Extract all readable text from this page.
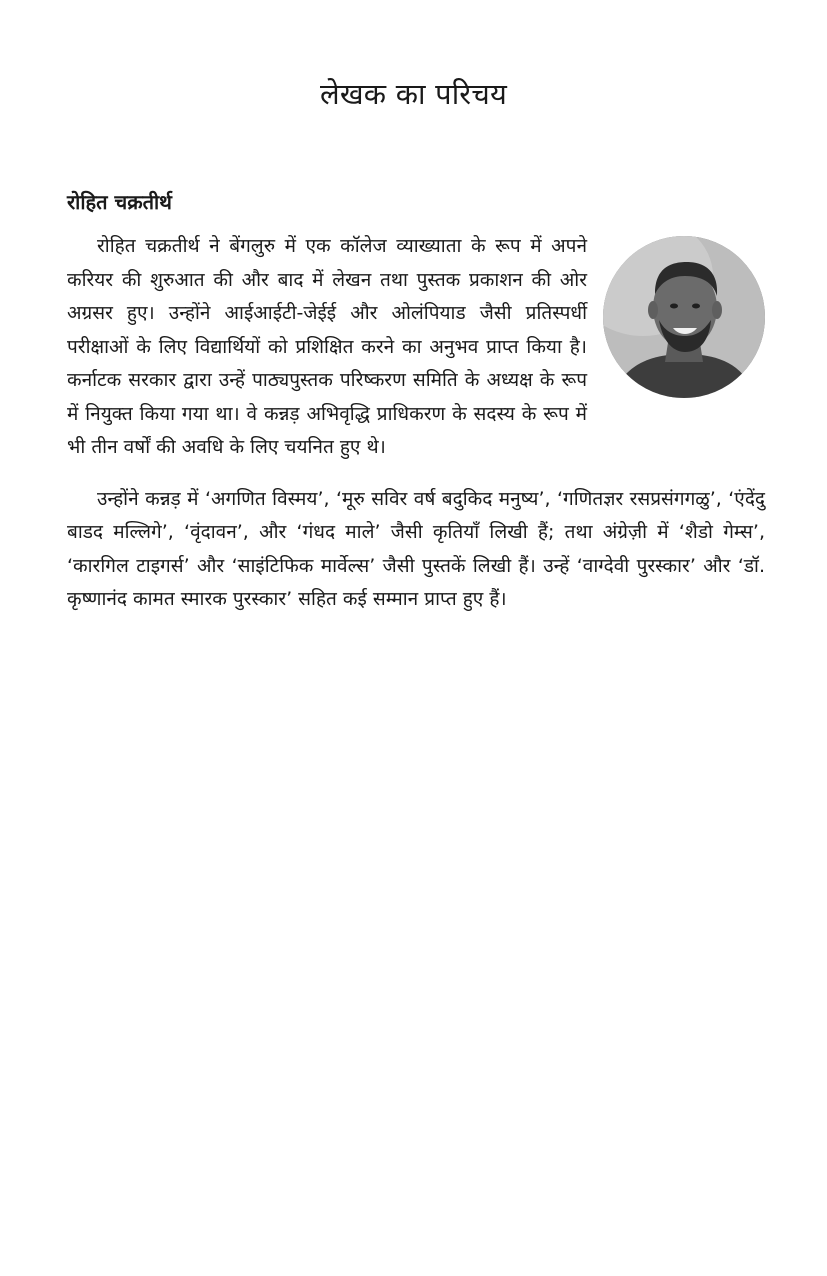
लेखक का परिचय
रोहित चक्रतीर्थ

रोहित चक्रतीर्थ ने बेंगलुरु में एक कॉलेज व्याख्याता के रूप में अपने करियर की शुरुआत की और बाद में लेखन तथा पुस्तक प्रकाशन की ओर अग्रसर हुए। उन्होंने आईआईटी-जेईई और ओलंपियाड जैसी प्रतिस्पर्धी परीक्षाओं के लिए विद्यार्थियों को प्रशिक्षित करने का अनुभव प्राप्त किया है। कर्नाटक सरकार द्वारा उन्हें पाठ्यपुस्तक परिष्करण समिति के अध्यक्ष के रूप में नियुक्त किया गया था। वे कन्नड़ अभिवृद्धि प्राधिकरण के सदस्य के रूप में भी तीन वर्षों की अवधि के लिए चयनित हुए थे।

उन्होंने कन्नड़ में ‘अगणित विस्मय’, ‘मूरु सविर वर्ष बदुकिद मनुष्य’, ‘गणितज्ञर रसप्रसंगगळु’, ‘एंदेंदु बाडद मल्लिगे’, ‘वृंदावन’, और ‘गंधद माले’ जैसी कृतियाँ लिखी हैं; तथा अंग्रेज़ी में ‘शैडो गेम्स’, ‘कारगिल टाइगर्स’ और ‘साइंटिफिक मार्वेल्स’ जैसी पुस्तकें लिखी हैं। उन्हें ‘वाग्देवी पुरस्कार’ और ‘डॉ. कृष्णानंद कामत स्मारक पुरस्कार’ सहित कई सम्मान प्राप्त हुए हैं।
